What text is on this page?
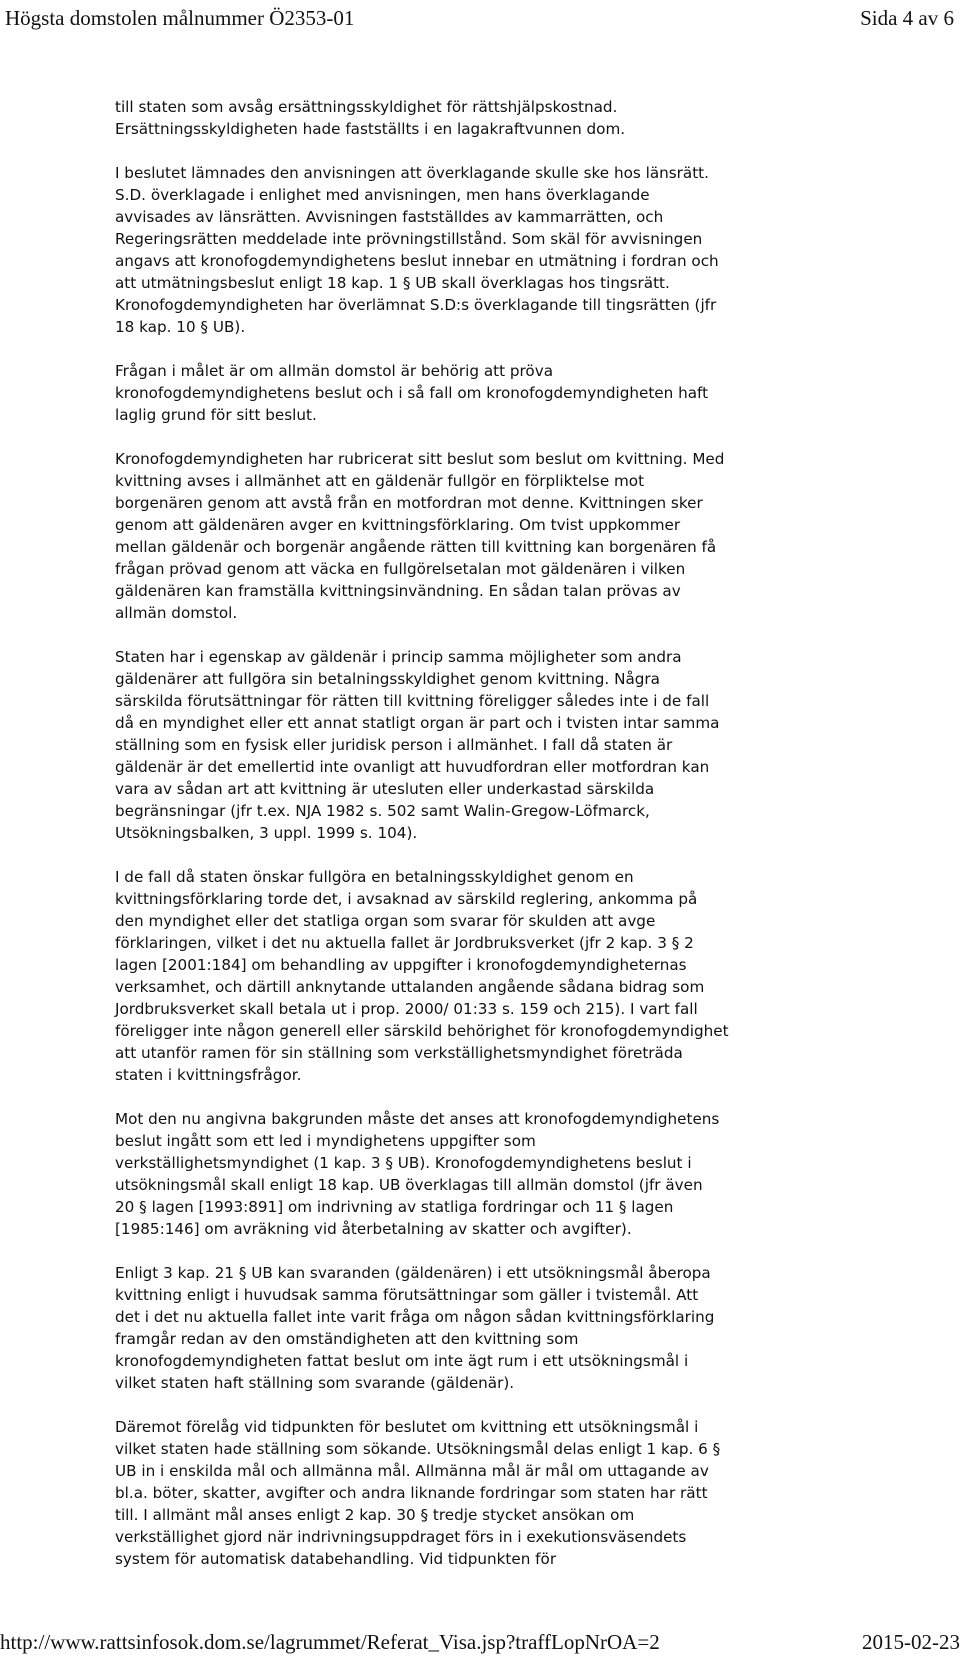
Högsta domstolen målnummer Ö2353-01	Sida 4 av 6

till staten som avsåg ersättningsskyldighet för rättshjälpskostnad.
Ersättningsskyldigheten hade fastställts i en lagakraftvunnen dom.

I beslutet lämnades den anvisningen att överklagande skulle ske hos länsrätt.
S.D. överklagade i enlighet med anvisningen, men hans överklagande
avvisades av länsrätten. Avvisningen fastställdes av kammarrätten, och
Regeringsrätten meddelade inte prövningstillstånd. Som skäl för avvisningen
angavs att kronofogdemyndighetens beslut innebar en utmätning i fordran och
att utmätningsbeslut enligt 18 kap. 1 § UB skall överklagas hos tingsrätt.
Kronofogdemyndigheten har överlämnat S.D:s överklagande till tingsrätten (jfr
18 kap. 10 § UB).

Frågan i målet är om allmän domstol är behörig att pröva
kronofogdemyndighetens beslut och i så fall om kronofogdemyndigheten haft
laglig grund för sitt beslut.

Kronofogdemyndigheten har rubricerat sitt beslut som beslut om kvittning. Med
kvittning avses i allmänhet att en gäldenär fullgör en förpliktelse mot
borgenären genom att avstå från en motfordran mot denne. Kvittningen sker
genom att gäldenären avger en kvittningsförklaring. Om tvist uppkommer
mellan gäldenär och borgenär angående rätten till kvittning kan borgenären få
frågan prövad genom att väcka en fullgörelsetalan mot gäldenären i vilken
gäldenären kan framställa kvittningsinvändning. En sådan talan prövas av
allmän domstol.

Staten har i egenskap av gäldenär i princip samma möjligheter som andra
gäldenärer att fullgöra sin betalningsskyldighet genom kvittning. Några
särskilda förutsättningar för rätten till kvittning föreligger således inte i de fall
då en myndighet eller ett annat statligt organ är part och i tvisten intar samma
ställning som en fysisk eller juridisk person i allmänhet. I fall då staten är
gäldenär är det emellertid inte ovanligt att huvudfordran eller motfordran kan
vara av sådan art att kvittning är utesluten eller underkastad särskilda
begränsningar (jfr t.ex. NJA 1982 s. 502 samt Walin-Gregow-Löfmarck,
Utsökningsbalken, 3 uppl. 1999 s. 104).

I de fall då staten önskar fullgöra en betalningsskyldighet genom en
kvittningsförklaring torde det, i avsaknad av särskild reglering, ankomma på
den myndighet eller det statliga organ som svarar för skulden att avge
förklaringen, vilket i det nu aktuella fallet är Jordbruksverket (jfr 2 kap. 3 § 2
lagen [2001:184] om behandling av uppgifter i kronofogdemyndigheternas
verksamhet, och därtill anknytande uttalanden angående sådana bidrag som
Jordbruksverket skall betala ut i prop. 2000/ 01:33 s. 159 och 215). I vart fall
föreligger inte någon generell eller särskild behörighet för kronofogdemyndighet
att utanför ramen för sin ställning som verkställighetsmyndighet företräda
staten i kvittningsfrågor.

Mot den nu angivna bakgrunden måste det anses att kronofogdemyndighetens
beslut ingått som ett led i myndighetens uppgifter som
verkställighetsmyndighet (1 kap. 3 § UB). Kronofogdemyndighetens beslut i
utsökningsmål skall enligt 18 kap. UB överklagas till allmän domstol (jfr även
20 § lagen [1993:891] om indrivning av statliga fordringar och 11 § lagen
[1985:146] om avräkning vid återbetalning av skatter och avgifter).

Enligt 3 kap. 21 § UB kan svaranden (gäldenären) i ett utsökningsmål åberopa
kvittning enligt i huvudsak samma förutsättningar som gäller i tvistemål. Att
det i det nu aktuella fallet inte varit fråga om någon sådan kvittningsförklaring
framgår redan av den omständigheten att den kvittning som
kronofogdemyndigheten fattat beslut om inte ägt rum i ett utsökningsmål i
vilket staten haft ställning som svarande (gäldenär).

Däremot förelåg vid tidpunkten för beslutet om kvittning ett utsökningsmål i
vilket staten hade ställning som sökande. Utsökningsmål delas enligt 1 kap. 6 §
UB in i enskilda mål och allmänna mål. Allmänna mål är mål om uttagande av
bl.a. böter, skatter, avgifter och andra liknande fordringar som staten har rätt
till. I allmänt mål anses enligt 2 kap. 30 § tredje stycket ansökan om
verkställighet gjord när indrivningsuppdraget förs in i exekutionsväsendets
system för automatisk databehandling. Vid tidpunkten för

http://www.rattsinfosok.dom.se/lagrummet/Referat_Visa.jsp?traffLopNrOA=2	2015-02-23
